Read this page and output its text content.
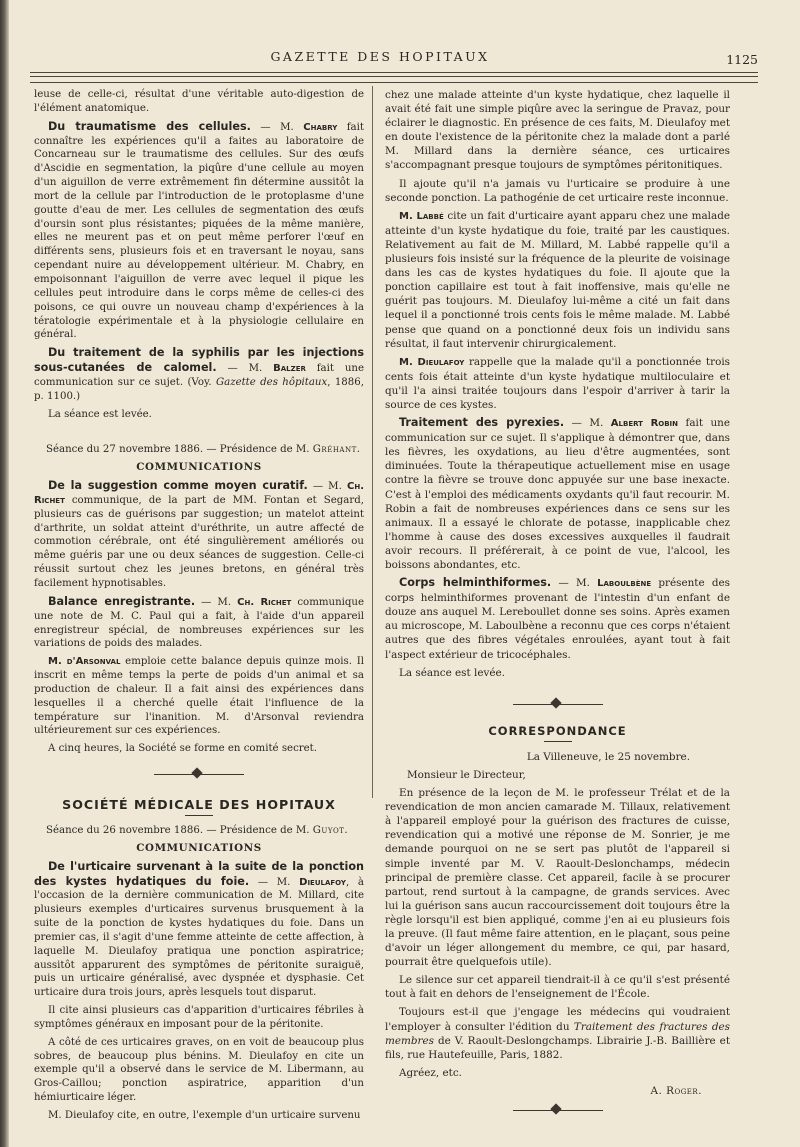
GAZETTE DES HOPITAUX	1125

leuse de celle-ci, résultat d'une véritable auto-digestion de l'élément anatomique.

Du traumatisme des cellules. — M. Chabry fait connaître les expériences qu'il a faites au laboratoire de Concarneau sur le traumatisme des cellules. Sur des œufs d'Ascidie en segmentation, la piqûre d'une cellule au moyen d'un aiguillon de verre extrêmement fin détermine aussitôt la mort de la cellule par l'introduction de le protoplasme d'une goutte d'eau de mer. Les cellules de segmentation des œufs d'oursin sont plus résistantes; piquées de la même manière, elles ne meurent pas et on peut même perforer l'œuf en différents sens, plusieurs fois et en traversant le noyau, sans cependant nuire au développement ultérieur. M. Chabry, en empoisonnant l'aiguillon de verre avec lequel il pique les cellules peut introduire dans le corps même de celles-ci des poisons, ce qui ouvre un nouveau champ d'expériences à la tératologie expérimentale et à la physiologie cellulaire en général.

Du traitement de la syphilis par les injections sous-cutanées de calomel. — M. Balzer fait une communication sur ce sujet. (Voy. Gazette des hôpitaux, 1886, p. 1100.)

La séance est levée.

Séance du 27 novembre 1886. — Présidence de M. Gréhant.

COMMUNICATIONS

De la suggestion comme moyen curatif. — M. Ch. Richet communique, de la part de MM. Fontan et Segard, plusieurs cas de guérisons par suggestion; un matelot atteint d'arthrite, un soldat atteint d'uréthrite, un autre affecté de commotion cérébrale, ont été singulièrement améliorés ou même guéris par une ou deux séances de suggestion. Celle-ci réussit surtout chez les jeunes bretons, en général très facilement hypnotisables.

Balance enregistrante. — M. Ch. Richet communique une note de M. C. Paul qui a fait, à l'aide d'un appareil enregistreur spécial, de nombreuses expériences sur les variations de poids des malades.

M. d'Arsonval emploie cette balance depuis quinze mois. Il inscrit en même temps la perte de poids d'un animal et sa production de chaleur. Il a fait ainsi des expériences dans lesquelles il a cherché quelle était l'influence de la température sur l'inanition. M. d'Arsonval reviendra ultérieurement sur ces expériences.

A cinq heures, la Société se forme en comité secret.

SOCIÉTÉ MÉDICALE DES HOPITAUX

Séance du 26 novembre 1886. — Présidence de M. Guyot.

COMMUNICATIONS

De l'urticaire survenant à la suite de la ponction des kystes hydatiques du foie. — M. Dieulafoy, à l'occasion de la dernière communication de M. Millard, cite plusieurs exemples d'urticaires survenus brusquement à la suite de la ponction de kystes hydatiques du foie. Dans un premier cas, il s'agit d'une femme atteinte de cette affection, à laquelle M. Dieulafoy pratiqua une ponction aspiratrice; aussitôt apparurent des symptômes de péritonite suraiguë, puis un urticaire généralisé, avec dyspnée et dysphasie. Cet urticaire dura trois jours, après lesquels tout disparut.

Il cite ainsi plusieurs cas d'apparition d'urticaires fébriles à symptômes généraux en imposant pour de la péritonite.

A côté de ces urticaires graves, on en voit de beaucoup plus sobres, de beaucoup plus bénins. M. Dieulafoy en cite un exemple qu'il a observé dans le service de M. Libermann, au Gros-Caillou; ponction aspiratrice, apparition d'un hémiurticaire léger.

M. Dieulafoy cite, en outre, l'exemple d'un urticaire survenu

chez une malade atteinte d'un kyste hydatique, chez laquelle il avait été fait une simple piqûre avec la seringue de Pravaz, pour éclairer le diagnostic. En présence de ces faits, M. Dieulafoy met en doute l'existence de la péritonite chez la malade dont a parlé M. Millard dans la dernière séance, ces urticaires s'accompagnant presque toujours de symptômes péritonitiques.

Il ajoute qu'il n'a jamais vu l'urticaire se produire à une seconde ponction. La pathogénie de cet urticaire reste inconnue.

M. Labbé cite un fait d'urticaire ayant apparu chez une malade atteinte d'un kyste hydatique du foie, traité par les caustiques. Relativement au fait de M. Millard, M. Labbé rappelle qu'il a plusieurs fois insisté sur la fréquence de la pleurite de voisinage dans les cas de kystes hydatiques du foie. Il ajoute que la ponction capillaire est tout à fait inoffensive, mais qu'elle ne guérit pas toujours. M. Dieulafoy lui-même a cité un fait dans lequel il a ponctionné trois cents fois le même malade. M. Labbé pense que quand on a ponctionné deux fois un individu sans résultat, il faut intervenir chirurgicalement.

M. Dieulafoy rappelle que la malade qu'il a ponctionnée trois cents fois était atteinte d'un kyste hydatique multiloculaire et qu'il l'a ainsi traitée toujours dans l'espoir d'arriver à tarir la source de ces kystes.

Traitement des pyrexies. — M. Albert Robin fait une communication sur ce sujet. Il s'applique à démontrer que, dans les fièvres, les oxydations, au lieu d'être augmentées, sont diminuées. Toute la thérapeutique actuellement mise en usage contre la fièvre se trouve donc appuyée sur une base inexacte. C'est à l'emploi des médicaments oxydants qu'il faut recourir. M. Robin a fait de nombreuses expériences dans ce sens sur les animaux. Il a essayé le chlorate de potasse, inapplicable chez l'homme à cause des doses excessives auxquelles il faudrait avoir recours. Il préférerait, à ce point de vue, l'alcool, les boissons abondantes, etc.

Corps helminthiformes. — M. Laboulbène présente des corps helminthiformes provenant de l'intestin d'un enfant de douze ans auquel M. Lereboullet donne ses soins. Après examen au microscope, M. Laboulbène a reconnu que ces corps n'étaient autres que des fibres végétales enroulées, ayant tout à fait l'aspect extérieur de tricocéphales.

La séance est levée.

CORRESPONDANCE

La Villeneuve, le 25 novembre.

Monsieur le Directeur,

En présence de la leçon de M. le professeur Trélat et de la revendication de mon ancien camarade M. Tillaux, relativement à l'appareil employé pour la guérison des fractures de cuisse, revendication qui a motivé une réponse de M. Sonrier, je me demande pourquoi on ne se sert pas plutôt de l'appareil si simple inventé par M. V. Raoult-Deslonchamps, médecin principal de première classe. Cet appareil, facile à se procurer partout, rend surtout à la campagne, de grands services. Avec lui la guérison sans aucun raccourcissement doit toujours être la règle lorsqu'il est bien appliqué, comme j'en ai eu plusieurs fois la preuve. (Il faut même faire attention, en le plaçant, sous peine d'avoir un léger allongement du membre, ce qui, par hasard, pourrait être quelquefois utile).

Le silence sur cet appareil tiendrait-il à ce qu'il s'est présenté tout à fait en dehors de l'enseignement de l'École.

Toujours est-il que j'engage les médecins qui voudraient l'employer à consulter l'édition du Traitement des fractures des membres de V. Raoult-Deslongchamps. Librairie J.-B. Baillière et fils, rue Hautefeuille, Paris, 1882.

Agréez, etc.

A. Roger.
